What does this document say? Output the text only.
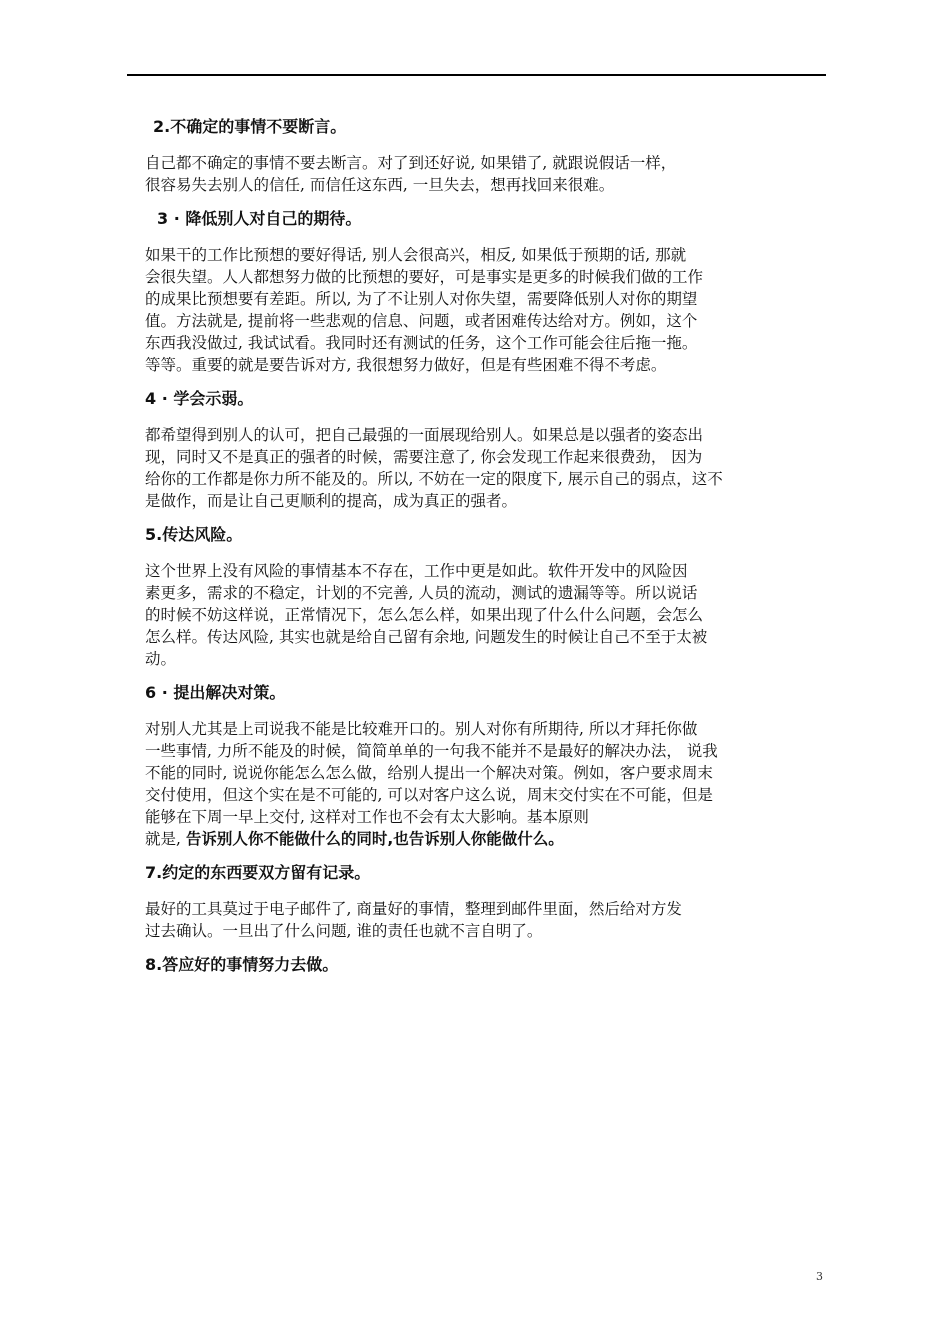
2.不确定的事情不要断言。
自己都不确定的事情不要去断言。对了到还好说, 如果错了, 就跟说假话一样，
很容易失去别人的信任, 而信任这东西, 一旦失去，想再找回来很难。
3 · 降低别人对自己的期待。
如果干的工作比预想的要好得话, 别人会很高兴，相反, 如果低于预期的话, 那就
会很失望。人人都想努力做的比预想的要好，可是事实是更多的时候我们做的工作
的成果比预想要有差距。所以, 为了不让别人对你失望，需要降低别人对你的期望
值。方法就是, 提前将一些悲观的信息、问题，或者困难传达给对方。例如，这个
东西我没做过, 我试试看。我同时还有测试的任务，这个工作可能会往后拖一拖。
等等。重要的就是要告诉对方, 我很想努力做好，但是有些困难不得不考虑。
4 · 学会示弱。
都希望得到别人的认可，把自己最强的一面展现给别人。如果总是以强者的姿态出
现，同时又不是真正的强者的时候，需要注意了, 你会发现工作起来很费劲， 因为
给你的工作都是你力所不能及的。所以, 不妨在一定的限度下, 展示自己的弱点，这不
是做作，而是让自己更顺利的提高，成为真正的强者。
5.传达风险。
这个世界上没有风险的事情基本不存在，工作中更是如此。软件开发中的风险因
素更多，需求的不稳定，计划的不完善, 人员的流动，测试的遗漏等等。所以说话
的时候不妨这样说，正常情况下，怎么怎么样，如果出现了什么什么问题，会怎么
怎么样。传达风险, 其实也就是给自己留有余地, 问题发生的时候让自己不至于太被
动。
6 · 提出解决对策。
对别人尤其是上司说我不能是比较难开口的。别人对你有所期待, 所以才拜托你做
一些事情, 力所不能及的时候，简简单单的一句我不能并不是最好的解决办法， 说我
不能的同时, 说说你能怎么怎么做，给别人提出一个解决对策。例如，客户要求周末
交付使用，但这个实在是不可能的, 可以对客户这么说，周末交付实在不可能，但是
能够在下周一早上交付, 这样对工作也不会有太大影响。基本原则
就是, 告诉别人你不能做什么的同时,也告诉别人你能做什么。
7.约定的东西要双方留有记录。
最好的工具莫过于电子邮件了, 商量好的事情，整理到邮件里面，然后给对方发
过去确认。一旦出了什么问题, 谁的责任也就不言自明了。
8.答应好的事情努力去做。
3
